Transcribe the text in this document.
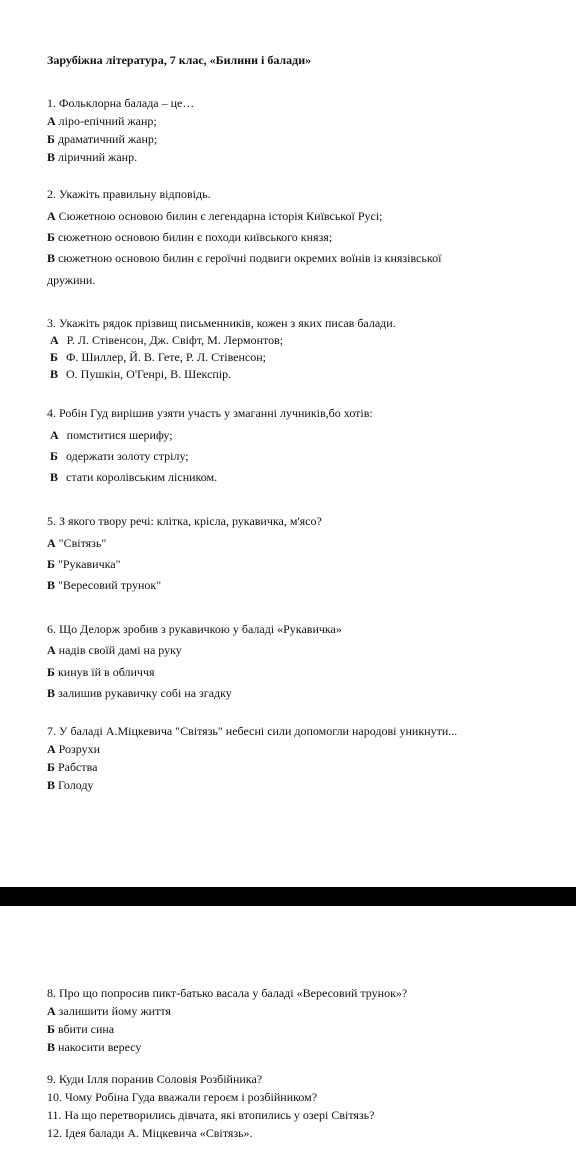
Зарубіжна література, 7 клас, «Билини і балади»
1. Фольклорна балада – це…
А ліро-епічний жанр;
Б драматичний жанр;
В ліричний жанр.
2. Укажіть правильну відповідь.
А Сюжетною основою билин є легендарна історія Київської Русі;
Б сюжетною основою билин є походи київського князя;
В сюжетною основою билин є героїчні подвиги окремих воїнів із князівської
дружини.
3. Укажіть рядок прізвищ письменників, кожен з яких писав балади.
А Р. Л. Стівенсон, Дж. Свіфт, М. Лермонтов;
Б Ф. Шиллер, Й. В. Гете, Р. Л. Стівенсон;
В О. Пушкін, О'Генрі, В. Шекспір.
4. Робін Гуд вирішив узяти участь у змаганні лучників,бо хотів:
А помститися шерифу;
Б одержати золоту стрілу;
В стати королівським лісником.
5. З якого твору речі: клітка, крісла, рукавичка, м'ясо?
А "Світязь"
Б "Рукавичка"
В "Вересовий трунок"
6. Що Делорж зробив з рукавичкою у баладі «Рукавичка»
А надів своїй дамі на руку
Б кинув їй в обличчя
В залишив рукавичку собі на згадку
7. У баладі А.Міцкевича "Світязь" небесні сили допомогли народові уникнути...
А Розрухи
Б Рабства
В Голоду
8. Про що попросив пикт-батько васала у баладі «Вересовий трунок»?
А залишити йому життя
Б вбити сина
В накосити вересу
9. Куди Ілля поранив Соловія Розбійника?
10. Чому Робіна Гуда вважали героєм і розбійником?
11. На що перетворились дівчата, які втопились у озері Світязь?
12. Ідея балади А. Міцкевича «Світязь».
